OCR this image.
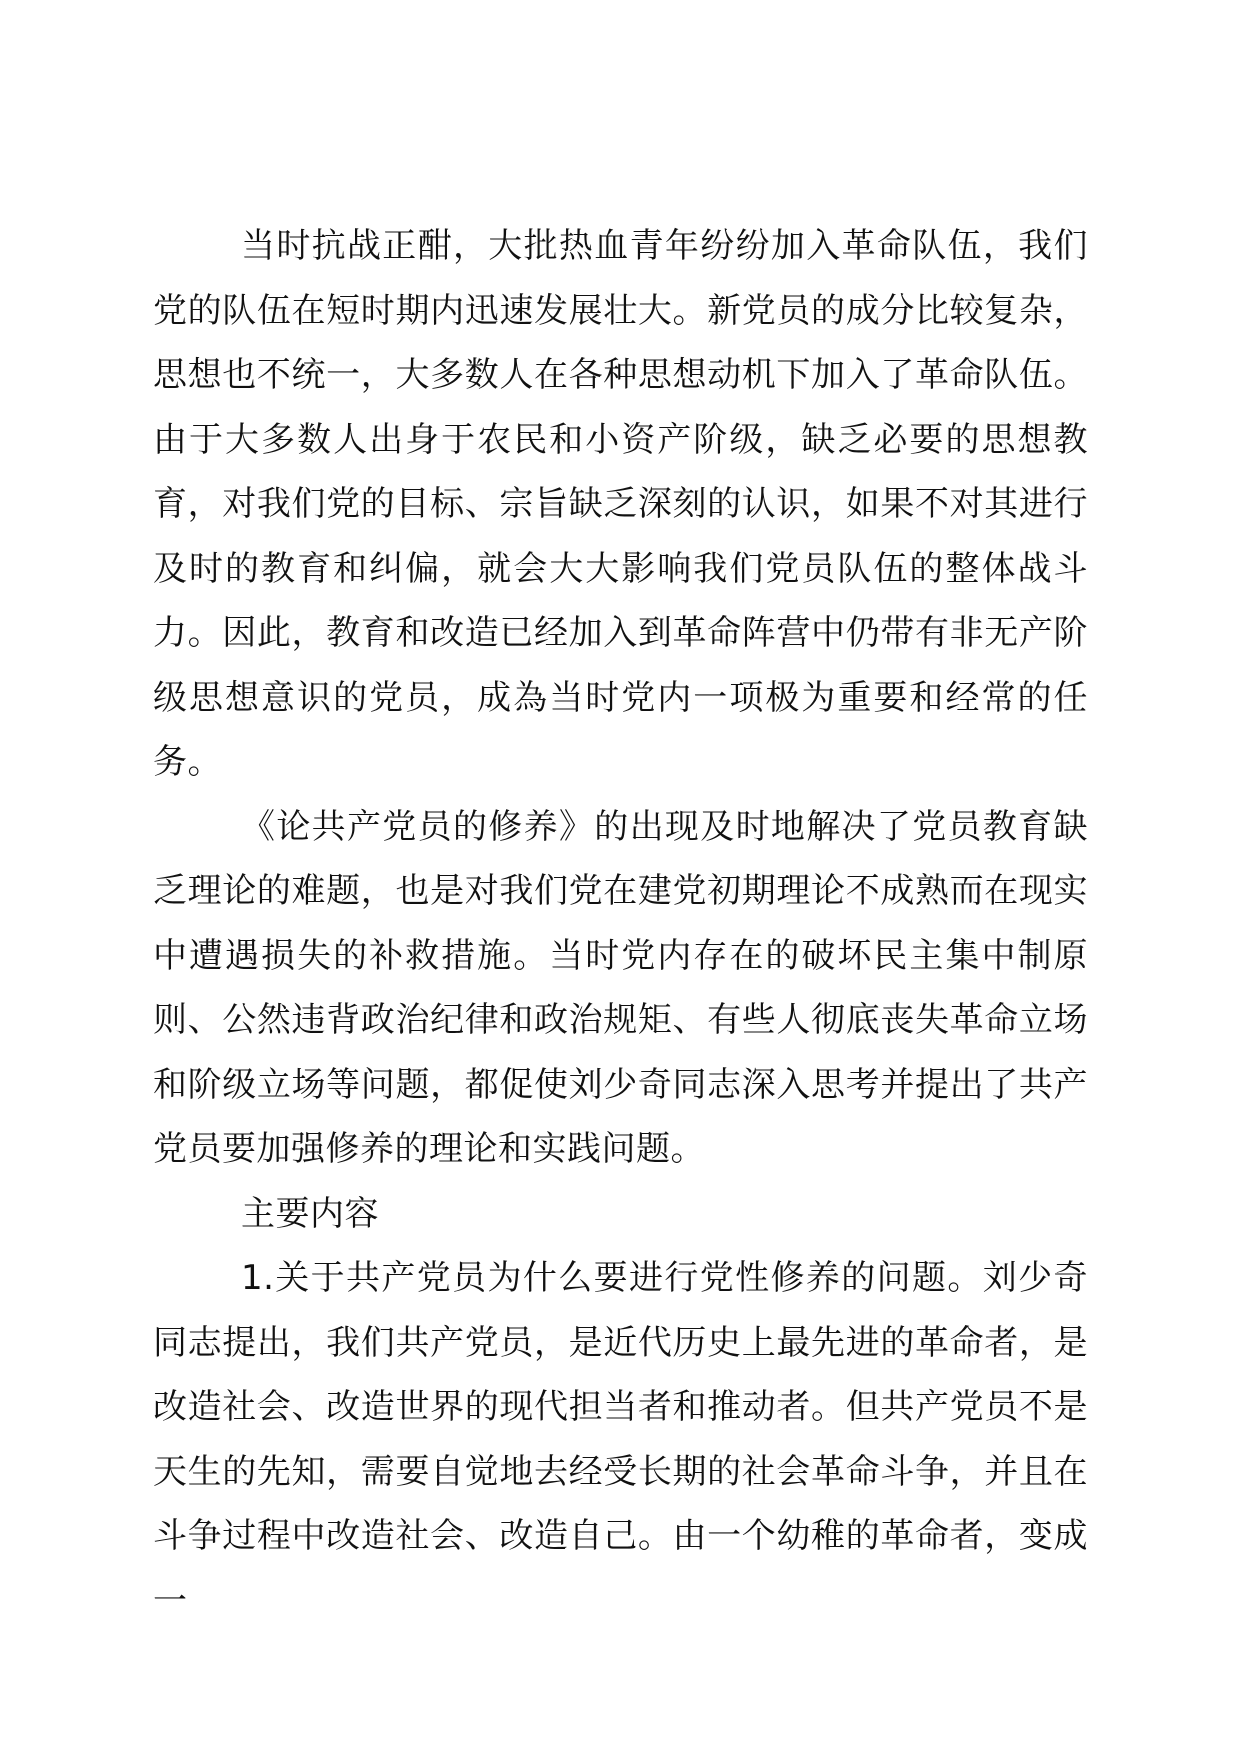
当时抗战正酣，大批热血青年纷纷加入革命队伍，我们党的队伍在短时期内迅速发展壮大。新党员的成分比较复杂，思想也不统一，大多数人在各种思想动机下加入了革命队伍。由于大多数人出身于农民和小资产阶级，缺乏必要的思想教育，对我们党的目标、宗旨缺乏深刻的认识，如果不对其进行及时的教育和纠偏，就会大大影响我们党员队伍的整体战斗力。因此，教育和改造已经加入到革命阵营中仍带有非无产阶级思想意识的党员，成為当时党内一项极为重要和经常的任务。

《论共产党员的修养》的出现及时地解决了党员教育缺乏理论的难题，也是对我们党在建党初期理论不成熟而在现实中遭遇损失的补救措施。当时党内存在的破坏民主集中制原则、公然违背政治纪律和政治规矩、有些人彻底丧失革命立场和阶级立场等问题，都促使刘少奇同志深入思考并提出了共产党员要加强修养的理论和实践问题。

主要内容

1.关于共产党员为什么要进行党性修养的问题。刘少奇同志提出，我们共产党员，是近代历史上最先进的革命者，是改造社会、改造世界的现代担当者和推动者。但共产党员不是天生的先知，需要自觉地去经受长期的社会革命斗争，并且在斗争过程中改造社会、改造自己。由一个幼稚的革命者，变成一
